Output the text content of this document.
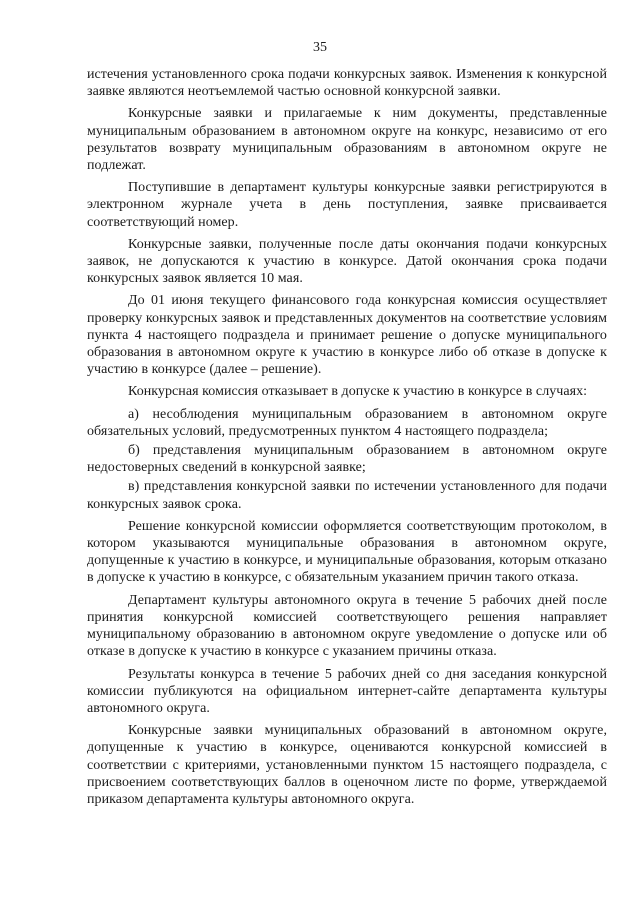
35

истечения установленного срока подачи конкурсных заявок. Изменения к конкурсной заявке являются неотъемлемой частью основной конкурсной заявки.

Конкурсные заявки и прилагаемые к ним документы, представленные муниципальным образованием в автономном округе на конкурс, независимо от его результатов возврату муниципальным образованиям в автономном округе не подлежат.

Поступившие в департамент культуры конкурсные заявки регистрируются в электронном журнале учета в день поступления, заявке присваивается соответствующий номер.

Конкурсные заявки, полученные после даты окончания подачи конкурсных заявок, не допускаются к участию в конкурсе. Датой окончания срока подачи конкурсных заявок является 10 мая.

До 01 июня текущего финансового года конкурсная комиссия осуществляет проверку конкурсных заявок и представленных документов на соответствие условиям пункта 4 настоящего подраздела и принимает решение о допуске муниципального образования в автономном округе к участию в конкурсе либо об отказе в допуске к участию в конкурсе (далее – решение).

Конкурсная комиссия отказывает в допуске к участию в конкурсе в случаях:

а) несоблюдения муниципальным образованием в автономном округе обязательных условий, предусмотренных пунктом 4 настоящего подраздела;

б) представления муниципальным образованием в автономном округе недостоверных сведений в конкурсной заявке;

в) представления конкурсной заявки по истечении установленного для подачи конкурсных заявок срока.

Решение конкурсной комиссии оформляется соответствующим протоколом, в котором указываются муниципальные образования в автономном округе, допущенные к участию в конкурсе, и муниципальные образования, которым отказано в допуске к участию в конкурсе, с обязательным указанием причин такого отказа.

Департамент культуры автономного округа в течение 5 рабочих дней после принятия конкурсной комиссией соответствующего решения направляет муниципальному образованию в автономном округе уведомление о допуске или об отказе в допуске к участию в конкурсе с указанием причины отказа.

Результаты конкурса в течение 5 рабочих дней со дня заседания конкурсной комиссии публикуются на официальном интернет-сайте департамента культуры автономного округа.

Конкурсные заявки муниципальных образований в автономном округе, допущенные к участию в конкурсе, оцениваются конкурсной комиссией в соответствии с критериями, установленными пунктом 15 настоящего подраздела, с присвоением соответствующих баллов в оценочном листе по форме, утверждаемой приказом департамента культуры автономного округа.
